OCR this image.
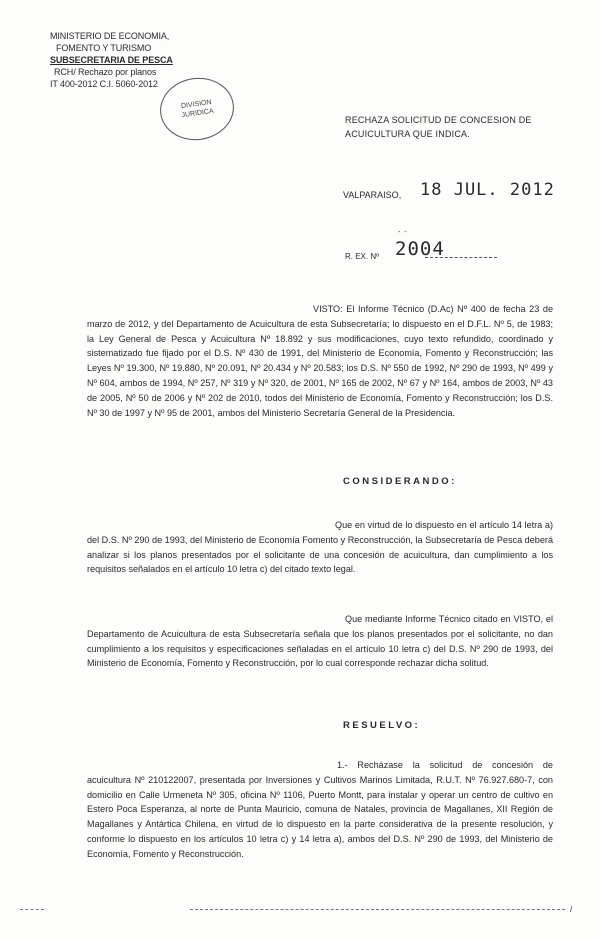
MINISTERIO DE ECONOMIA,
FOMENTO Y TURISMO
SUBSECRETARIA DE PESCA
RCH/ Rechazo por planos
IT 400-2012 C.I. 5060-2012
DIVISION
JURIDICA
RECHAZA SOLICITUD DE CONCESION DE ACUICULTURA QUE INDICA.
VALPARAISO, 18 JUL. 2012
- -
R. EX. Nº 2004
VISTO: El Informe Técnico (D.Ac) Nº 400 de fecha 23 de marzo de 2012, y del Departamento de Acuicultura de esta Subsecretaría; lo dispuesto en el D.F.L. Nº 5, de 1983; la Ley General de Pesca y Acuicultura Nº 18.892 y sus modificaciones, cuyo texto refundido, coordinado y sistematizado fue fijado por el D.S. Nº 430 de 1991, del Ministerio de Economía, Fomento y Reconstrucción; las Leyes Nº 19.300, Nº 19.880, Nº 20.091, Nº 20.434 y Nº 20.583; los D.S. Nº 550 de 1992, Nº 290 de 1993, Nº 499 y Nº 604, ambos de 1994, Nº 257, Nº 319 y Nº 320, de 2001, Nº 165 de 2002, Nº 67 y Nº 164, ambos de 2003, Nº 43 de 2005, Nº 50 de 2006 y Nº 202 de 2010, todos del Ministerio de Economía, Fomento y Reconstrucción; los D.S. Nº 30 de 1997 y Nº 95 de 2001, ambos del Ministerio Secretaría General de la Presidencia.
CONSIDERANDO:
Que en virtud de lo dispuesto en el artículo 14 letra a) del D.S. Nº 290 de 1993, del Ministerio de Economía Fomento y Reconstrucción, la Subsecretaría de Pesca deberá analizar si los planos presentados por el solicitante de una concesión de acuicultura, dan cumplimiento a los requisitos señalados en el artículo 10 letra c) del citado texto legal.
Que mediante Informe Técnico citado en VISTO, el Departamento de Acuicultura de esta Subsecretaría señala que los planos presentados por el solicitante, no dan cumplimiento a los requisitos y especificaciones señaladas en el artículo 10 letra c) del D.S. Nº 290 de 1993, del Ministerio de Economía, Fomento y Reconstrucción, por lo cual corresponde rechazar dicha solitud.
RESUELVO:
1.- Recházase la solicitud de concesión de acuicultura Nº 210122007, presentada por Inversiones y Cultivos Marinos Limitada, R.U.T. Nº 76.927.680-7, con domicilio en Calle Urmeneta Nº 305, oficina Nº 1106, Puerto Montt, para instalar y operar un centro de cultivo en Estero Poca Esperanza, al norte de Punta Mauricio, comuna de Natales, provincia de Magallanes, XII Región de Magallanes y Antártica Chilena, en virtud de lo dispuesto en la parte considerativa de la presente resolución, y conforme lo dispuesto en los artículos 10 letra c) y 14 letra a), ambos del D.S. Nº 290 de 1993, del Ministerio de Economía, Fomento y Reconstrucción.
/
